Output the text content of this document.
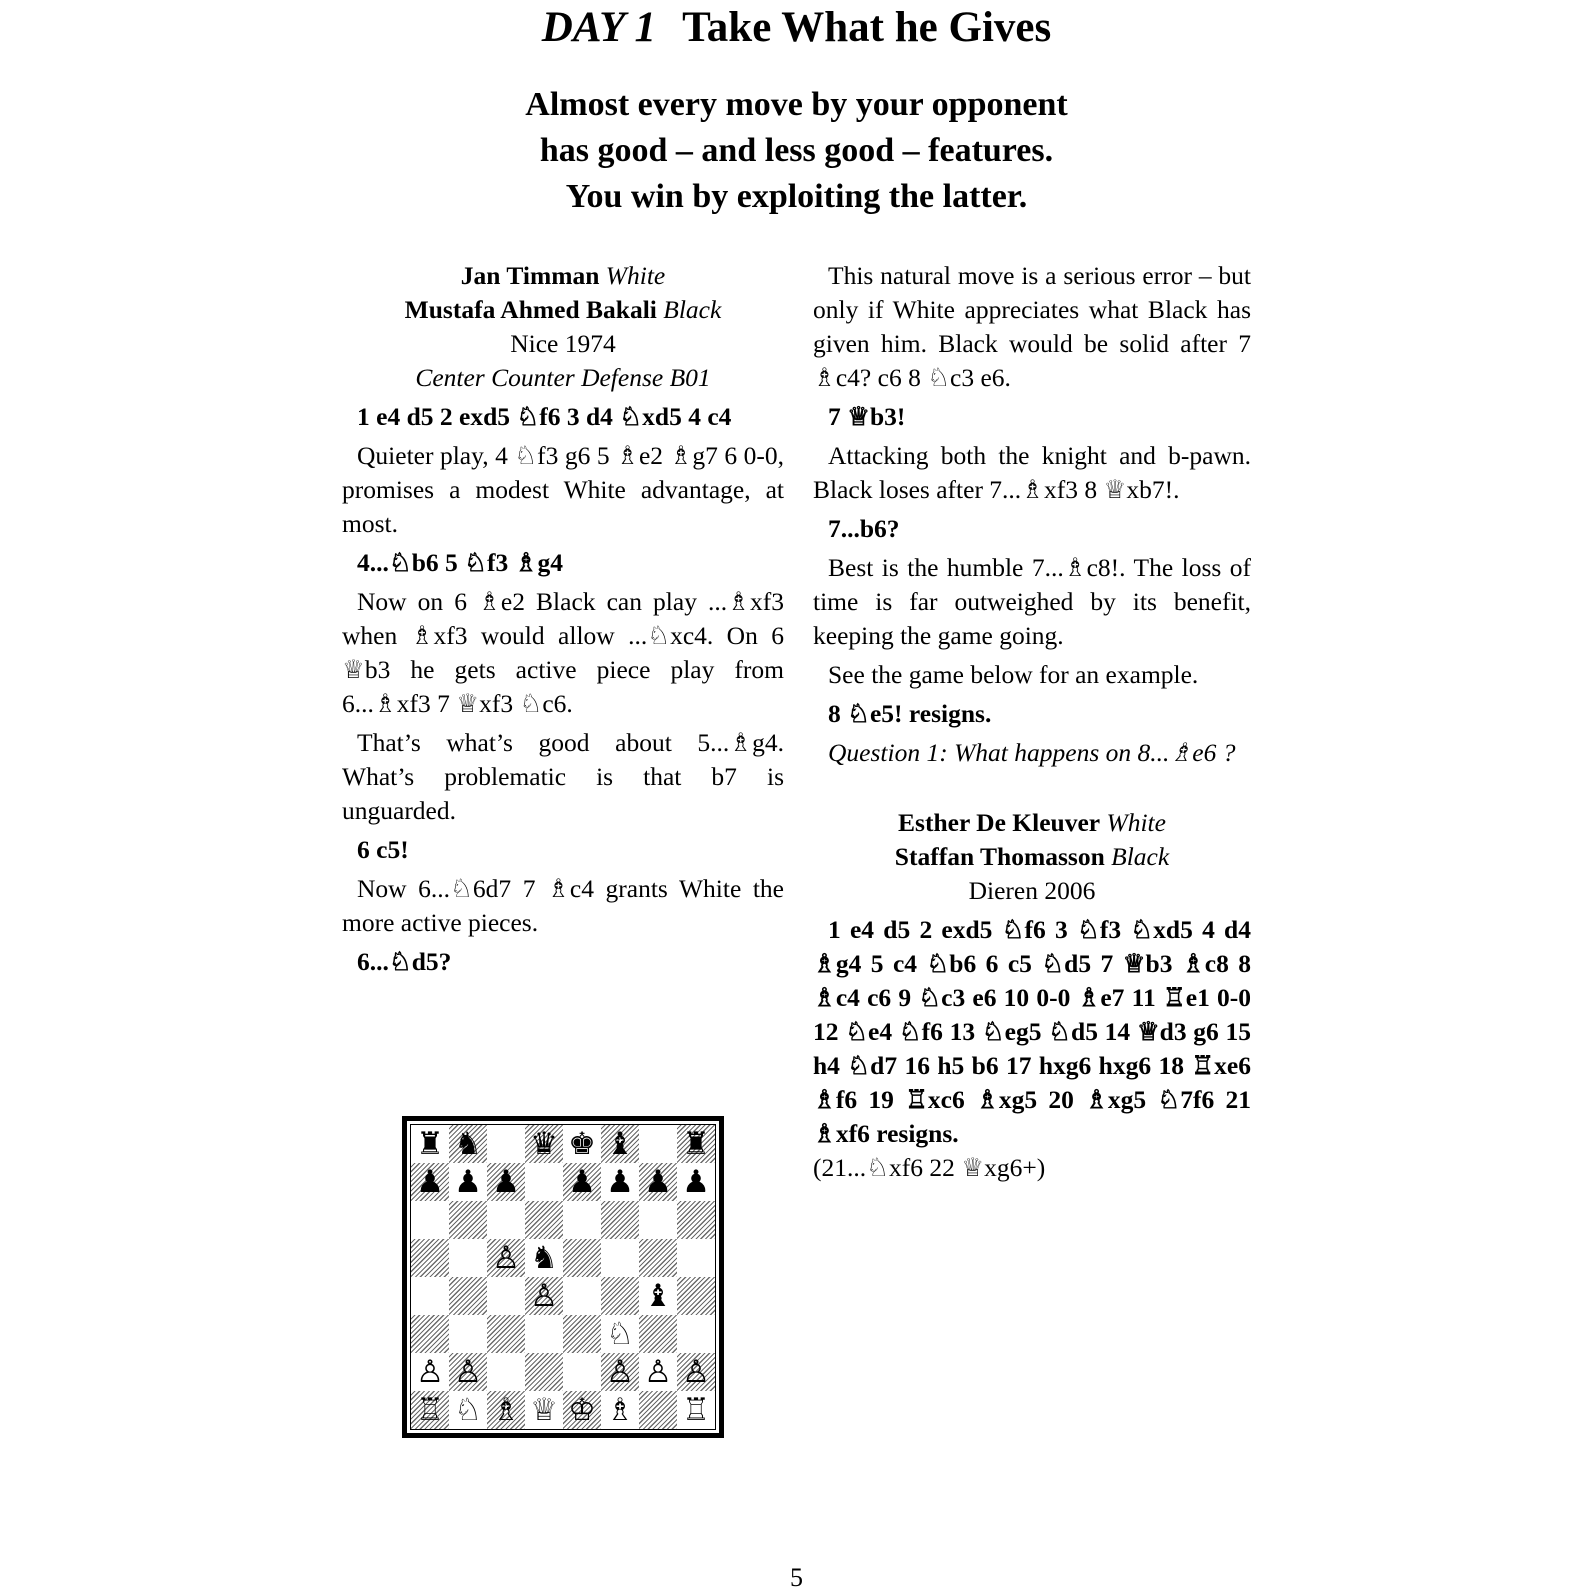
DAY 1 Take What he Gives
Almost every move by your opponent
has good – and less good – features.
You win by exploiting the latter.
Jan Timman White
Mustafa Ahmed Bakali Black
Nice 1974
Center Counter Defense B01

1 e4 d5 2 exd5 ♘f6 3 d4 ♘xd5 4 c4

Quieter play, 4 ♘f3 g6 5 ♗e2 ♗g7 6 0-0, promises a modest White advantage, at most.

4...♘b6 5 ♘f3 ♗g4

Now on 6 ♗e2 Black can play ...♗xf3 when ♗xf3 would allow ...♘xc4. On 6 ♕b3 he gets active piece play from 6...♗xf3 7 ♕xf3 ♘c6.

That’s what’s good about 5...♗g4. What’s problematic is that b7 is unguarded.

6 c5!

Now 6...♘6d7 7 ♗c4 grants White the more active pieces.

6...♘d5?

This natural move is a serious error – but only if White appreciates what Black has given him. Black would be solid after 7 ♗c4? c6 8 ♘c3 e6.

7 ♕b3!

Attacking both the knight and b-pawn. Black loses after 7...♗xf3 8 ♕xb7!.

7...b6?

Best is the humble 7...♗c8!. The loss of time is far outweighed by its benefit, keeping the game going.

See the game below for an example.

8 ♘e5! resigns.

Question 1: What happens on 8...♗e6 ?

Esther De Kleuver White
Staffan Thomasson Black
Dieren 2006

1 e4 d5 2 exd5 ♘f6 3 ♘f3 ♘xd5 4 d4 ♗g4 5 c4 ♘b6 6 c5 ♘d5 7 ♕b3 ♗c8 8 ♗c4 c6 9 ♘c3 e6 10 0-0 ♗e7 11 ♖e1 0-0 12 ♘e4 ♘f6 13 ♘eg5 ♘d5 14 ♕d3 g6 15 h4 ♘d7 16 h5 b6 17 hxg6 hxg6 18 ♖xe6 ♗f6 19 ♖xc6 ♗xg5 20 ♗xg5 ♘7f6 21 ♗xf6 resigns.

(21...♘xf6 22 ♕xg6+)

♜ ♞ ♛ ♚ ♝ ♜
♟ ♟ ♟ ♟ ♟ ♟ ♟
♙ ♞
♙	♝
♘
♙ ♙	♙ ♙ ♙
♖ ♘ ♗ ♕ ♔ ♗ ♖
5
